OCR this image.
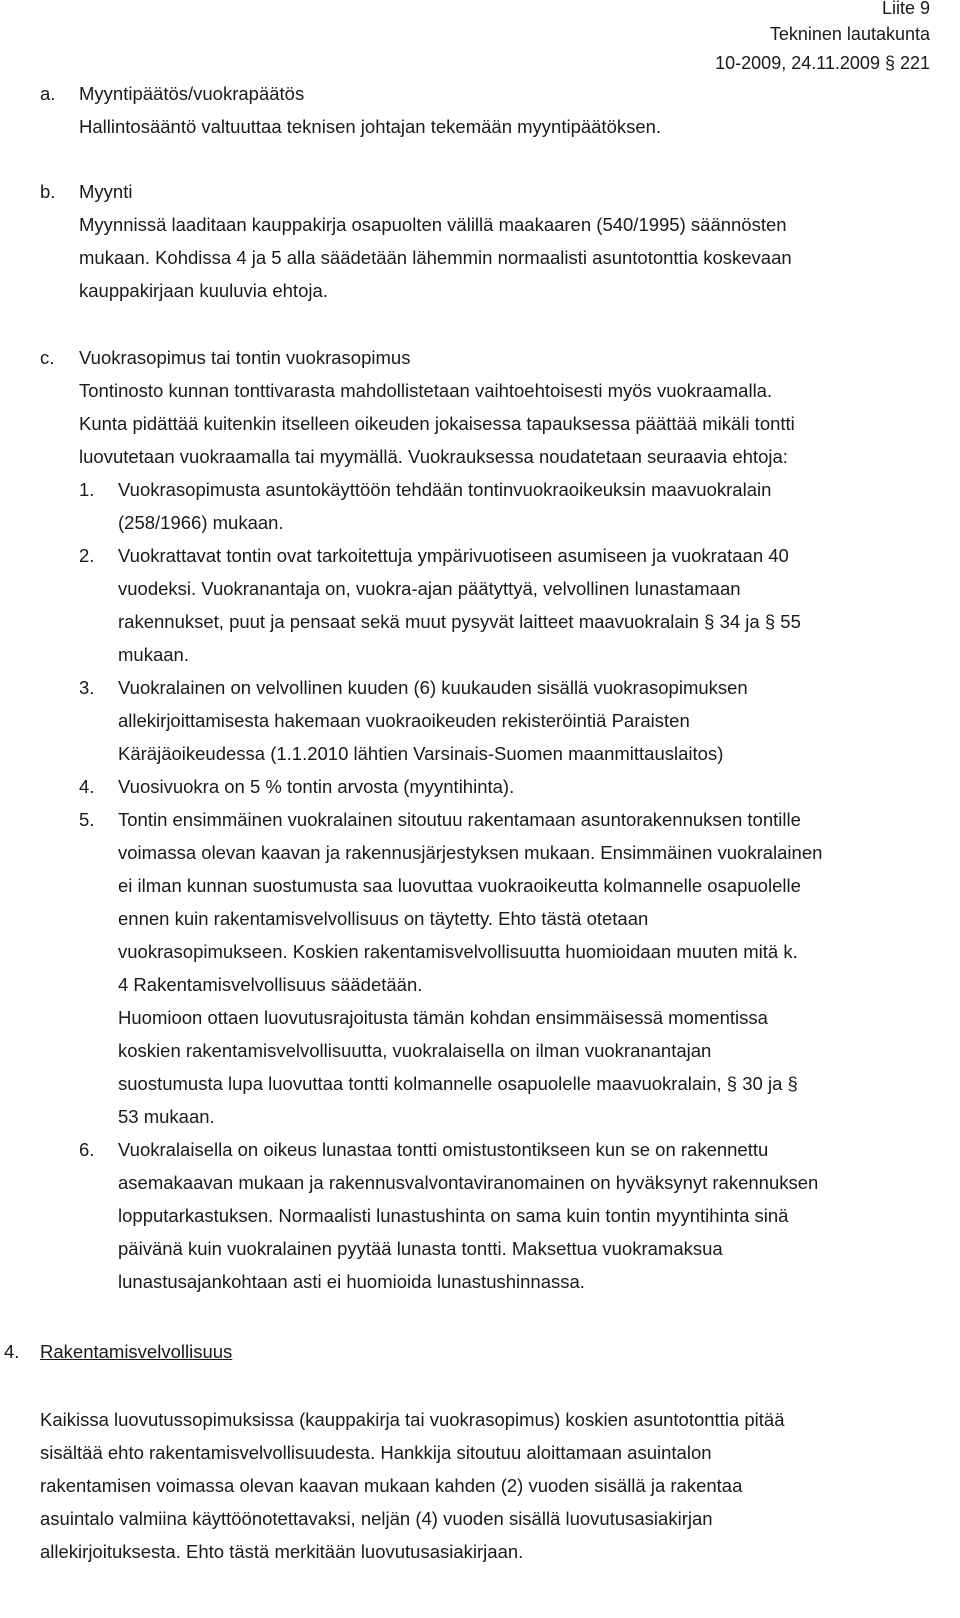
Liite 9
Tekninen lautakunta
10-2009, 24.11.2009 § 221
a. Myyntipäätös/vuokrapäätös
Hallintosääntö valtuuttaa teknisen johtajan tekemään myyntipäätöksen.
b. Myynti
Myynnissä laaditaan kauppakirja osapuolten välillä maakaaren (540/1995) säännösten
mukaan. Kohdissa 4 ja 5 alla säädetään lähemmin normaalisti asuntotonttia koskevaan
kauppakirjaan kuuluvia ehtoja.
c. Vuokrasopimus tai tontin vuokrasopimus
Tontinosto kunnan tonttivarasta mahdollistetaan vaihtoehtoisesti myös vuokraamalla.
Kunta pidättää kuitenkin itselleen oikeuden jokaisessa tapauksessa päättää mikäli tontti
luovutetaan vuokraamalla tai myymällä. Vuokrauksessa noudatetaan seuraavia ehtoja:
1. Vuokrasopimusta asuntokäyttöön tehdään tontinvuokraoikeuksin maavuokralain
(258/1966) mukaan.
2. Vuokrattavat tontin ovat tarkoitettuja ympärivuotiseen asumiseen ja vuokrataan 40
vuodeksi. Vuokranantaja on, vuokra-ajan päätyttyä, velvollinen lunastamaan
rakennukset, puut ja pensaat sekä muut pysyvät laitteet maavuokralain § 34 ja § 55
mukaan.
3. Vuokralainen on velvollinen kuuden (6) kuukauden sisällä vuokrasopimuksen
allekirjoittamisesta hakemaan vuokraoikeuden rekisteröintiä Paraisten
Käräjäoikeudessa (1.1.2010 lähtien Varsinais-Suomen maanmittauslaitos)
4. Vuosivuokra on 5 % tontin arvosta (myyntihinta).
5. Tontin ensimmäinen vuokralainen sitoutuu rakentamaan asuntorakennuksen tontille
voimassa olevan kaavan ja rakennusjärjestyksen mukaan. Ensimmäinen vuokralainen
ei ilman kunnan suostumusta saa luovuttaa vuokraoikeutta kolmannelle osapuolelle
ennen kuin rakentamisvelvollisuus on täytetty. Ehto tästä otetaan
vuokrasopimukseen. Koskien rakentamisvelvollisuutta huomioidaan muuten mitä k.
4 Rakentamisvelvollisuus säädetään.
Huomioon ottaen luovutusrajoitusta tämän kohdan ensimmäisessä momentissa
koskien rakentamisvelvollisuutta, vuokralaisella on ilman vuokranantajan
suostumusta lupa luovuttaa tontti kolmannelle osapuolelle maavuokralain, § 30 ja §
53 mukaan.
6. Vuokralaisella on oikeus lunastaa tontti omistustontikseen kun se on rakennettu
asemakaavan mukaan ja rakennusvalvontaviranomainen on hyväksynyt rakennuksen
lopputarkastuksen. Normaalisti lunastushinta on sama kuin tontin myyntihinta sinä
päivänä kuin vuokralainen pyytää lunasta tontti. Maksettua vuokramaksua
lunastusajankohtaan asti ei huomioida lunastushinnassa.
4. Rakentamisvelvollisuus
Kaikissa luovutussopimuksissa (kauppakirja tai vuokrasopimus) koskien asuntotonttia pitää
sisältää ehto rakentamisvelvollisuudesta. Hankkija sitoutuu aloittamaan asuintalon
rakentamisen voimassa olevan kaavan mukaan kahden (2) vuoden sisällä ja rakentaa
asuintalo valmiina käyttöönotettavaksi, neljän (4) vuoden sisällä luovutusasiakirjan
allekirjoituksesta. Ehto tästä merkitään luovutusasiakirjaan.
